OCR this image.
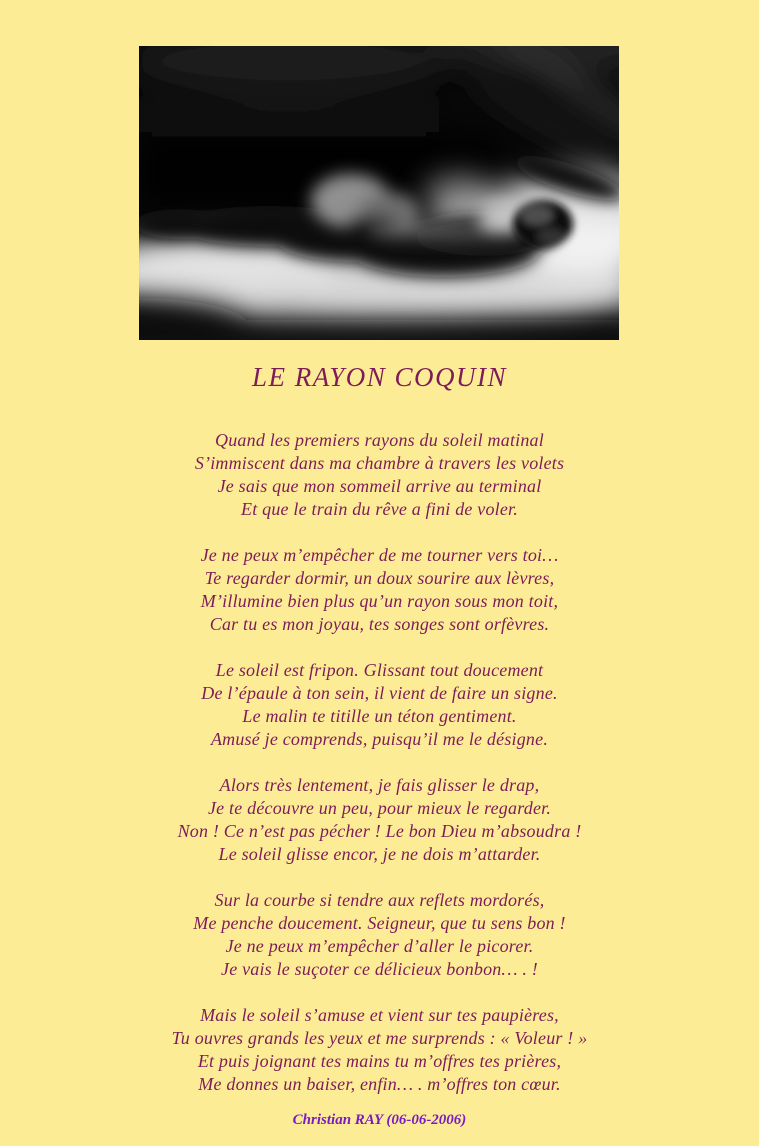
LE RAYON COQUIN

Quand les premiers rayons du soleil matinal
S’immiscent dans ma chambre à travers les volets
Je sais que mon sommeil arrive au terminal
Et que le train du rêve a fini de voler.

Je ne peux m’empêcher de me tourner vers toi…
Te regarder dormir, un doux sourire aux lèvres,
M’illumine bien plus qu’un rayon sous mon toit,
Car tu es mon joyau, tes songes sont orfèvres.

Le soleil est fripon. Glissant tout doucement
De l’épaule à ton sein, il vient de faire un signe.
Le malin te titille un téton gentiment.
Amusé je comprends, puisqu’il me le désigne.

Alors très lentement, je fais glisser le drap,
Je te découvre un peu, pour mieux le regarder.
Non ! Ce n’est pas pécher ! Le bon Dieu m’absoudra !
Le soleil glisse encor, je ne dois m’attarder.

Sur la courbe si tendre aux reflets mordorés,
Me penche doucement. Seigneur, que tu sens bon !
Je ne peux m’empêcher d’aller le picorer.
Je vais le suçoter ce délicieux bonbon… . !

Mais le soleil s’amuse et vient sur tes paupières,
Tu ouvres grands les yeux et me surprends : « Voleur ! »
Et puis joignant tes mains tu m’offres tes prières,
Me donnes un baiser, enfin… . m’offres ton cœur.

Christian RAY (06-06-2006)
